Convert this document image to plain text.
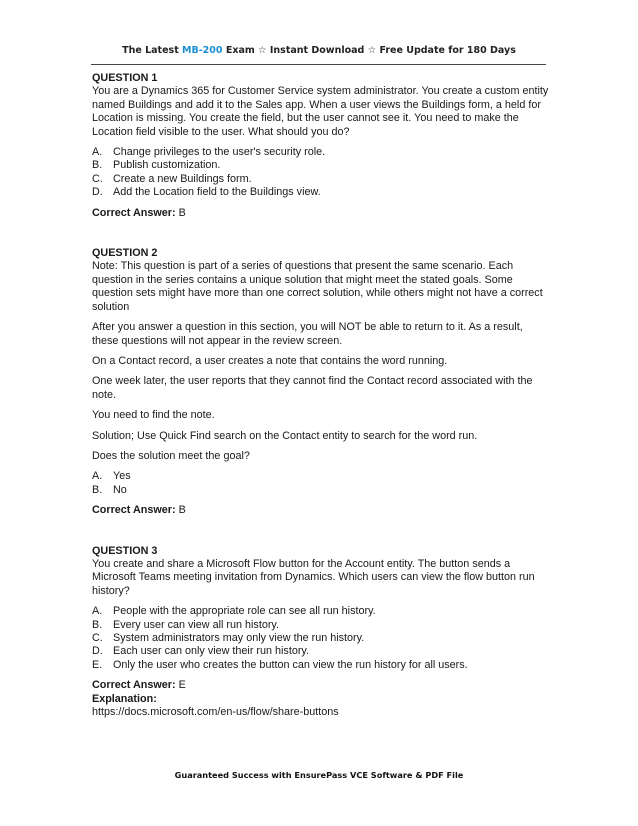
The Latest MB-200 Exam ☆ Instant Download ☆ Free Update for 180 Days

QUESTION 1

You are a Dynamics 365 for Customer Service system administrator. You create a custom entity named Buildings and add it to the Sales app. When a user views the Buildings form, a held for Location is missing. You create the field, but the user cannot see it. You need to make the Location field visible to the user. What should you do?

A. Change privileges to the user's security role.
B. Publish customization.
C. Create a new Buildings form.
D. Add the Location field to the Buildings view.

Correct Answer: B

QUESTION 2

Note: This question is part of a series of questions that present the same scenario. Each question in the series contains a unique solution that might meet the stated goals. Some question sets might have more than one correct solution, while others might not have a correct solution

After you answer a question in this section, you will NOT be able to return to it. As a result, these questions will not appear in the review screen.

On a Contact record, a user creates a note that contains the word running.

One week later, the user reports that they cannot find the Contact record associated with the note.

You need to find the note.

Solution; Use Quick Find search on the Contact entity to search for the word run.

Does the solution meet the goal?

A. Yes
B. No

Correct Answer: B

QUESTION 3

You create and share a Microsoft Flow button for the Account entity. The button sends a Microsoft Teams meeting invitation from Dynamics. Which users can view the flow button run history?

A. People with the appropriate role can see all run history.
B. Every user can view all run history.
C. System administrators may only view the run history.
D. Each user can only view their run history.
E. Only the user who creates the button can view the run history for all users.

Correct Answer: E

Explanation:

https://docs.microsoft.com/en-us/flow/share-buttons

Guaranteed Success with EnsurePass VCE Software & PDF File
